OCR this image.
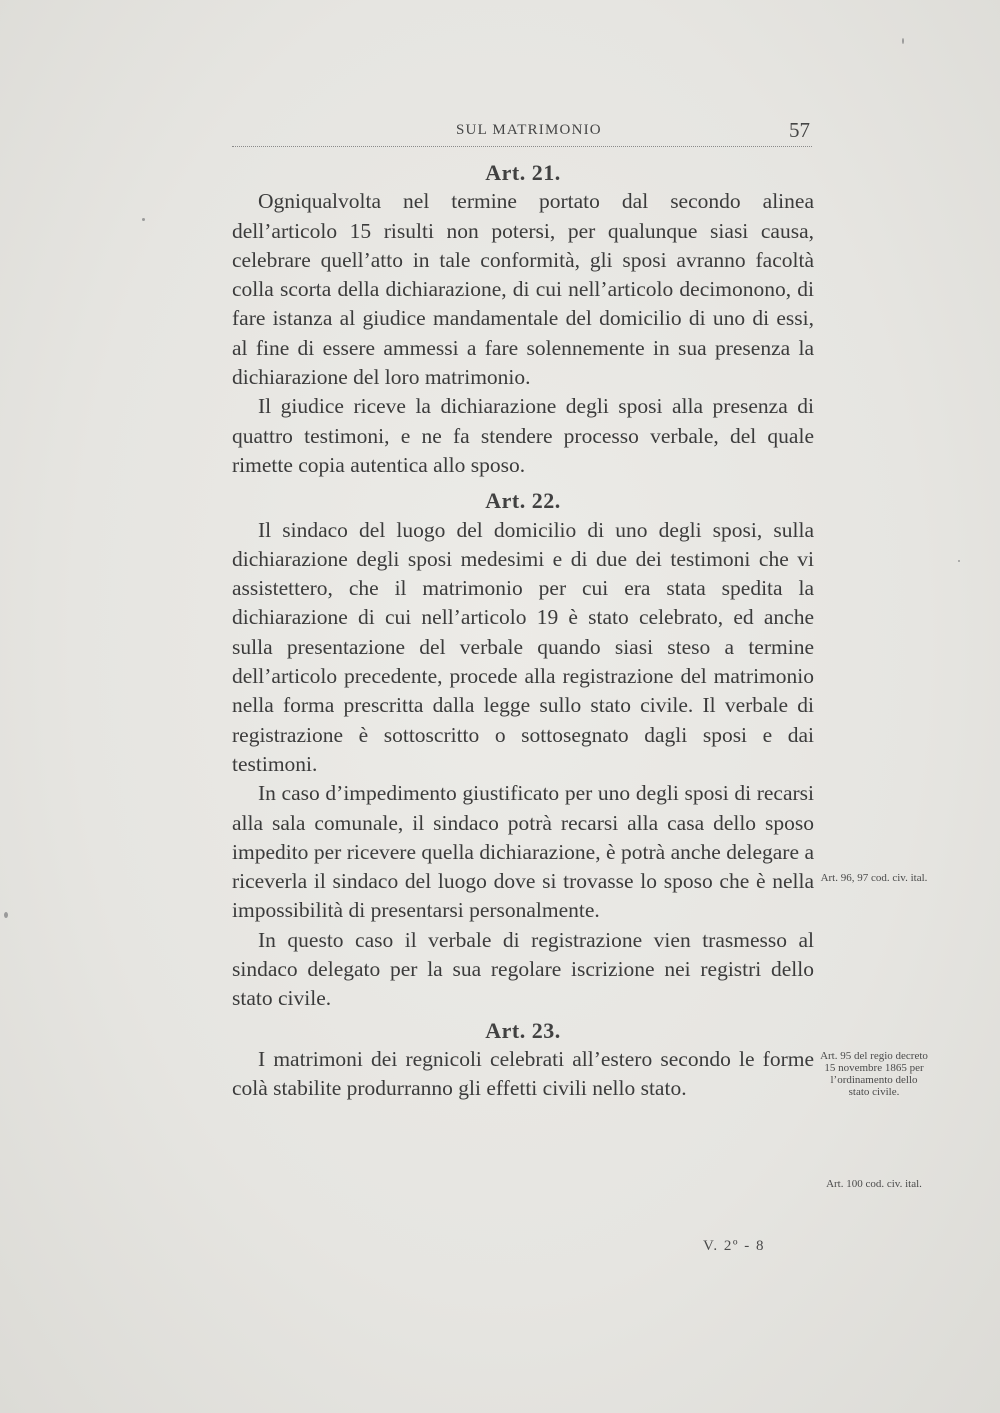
SUL MATRIMONIO	57
Art. 21.

Ogniqualvolta nel termine portato dal secondo alinea dell’articolo 15 risulti non potersi, per qualunque siasi causa, celebrare quell’atto in tale conformità, gli sposi avranno facoltà colla scorta della dichiarazione, di cui nell’articolo decimonono, di fare istanza al giudice mandamentale del domicilio di uno di essi, al fine di essere ammessi a fare solennemente in sua presenza la dichiarazione del loro matrimonio.

Il giudice riceve la dichiarazione degli sposi alla presenza di quattro testimoni, e ne fa stendere processo verbale, del quale rimette copia autentica allo sposo.

Art. 22.

Il sindaco del luogo del domicilio di uno degli sposi, sulla dichiarazione degli sposi medesimi e di due dei testimoni che vi assistettero, che il matrimonio per cui era stata spedita la dichiarazione di cui nell’articolo 19 è stato celebrato, ed anche sulla presentazione del verbale quando siasi steso a termine dell’articolo precedente, procede alla registrazione del matrimonio nella forma prescritta dalla legge sullo stato civile. Il verbale di registrazione è sottoscritto o sottosegnato dagli sposi e dai testimoni.

In caso d’impedimento giustificato per uno degli sposi di recarsi alla sala comunale, il sindaco potrà recarsi alla casa dello sposo impedito per ricevere quella dichiarazione, è potrà anche delegare a riceverla il sindaco del luogo dove si trovasse lo sposo che è nella impossibilità di presentarsi personalmente.

In questo caso il verbale di registrazione vien trasmesso al sindaco delegato per la sua regolare iscrizione nei registri dello stato civile.

Art. 23.

I matrimoni dei regnicoli celebrati all’estero secondo le forme colà stabilite produrranno gli effetti civili nello stato.

Art. 96, 97 cod. civ. ital.
Art. 95 del regio decreto 15 novembre 1865 per l’ordinamento dello stato civile.
Art. 100 cod. civ. ital.
V. 2º - 8
